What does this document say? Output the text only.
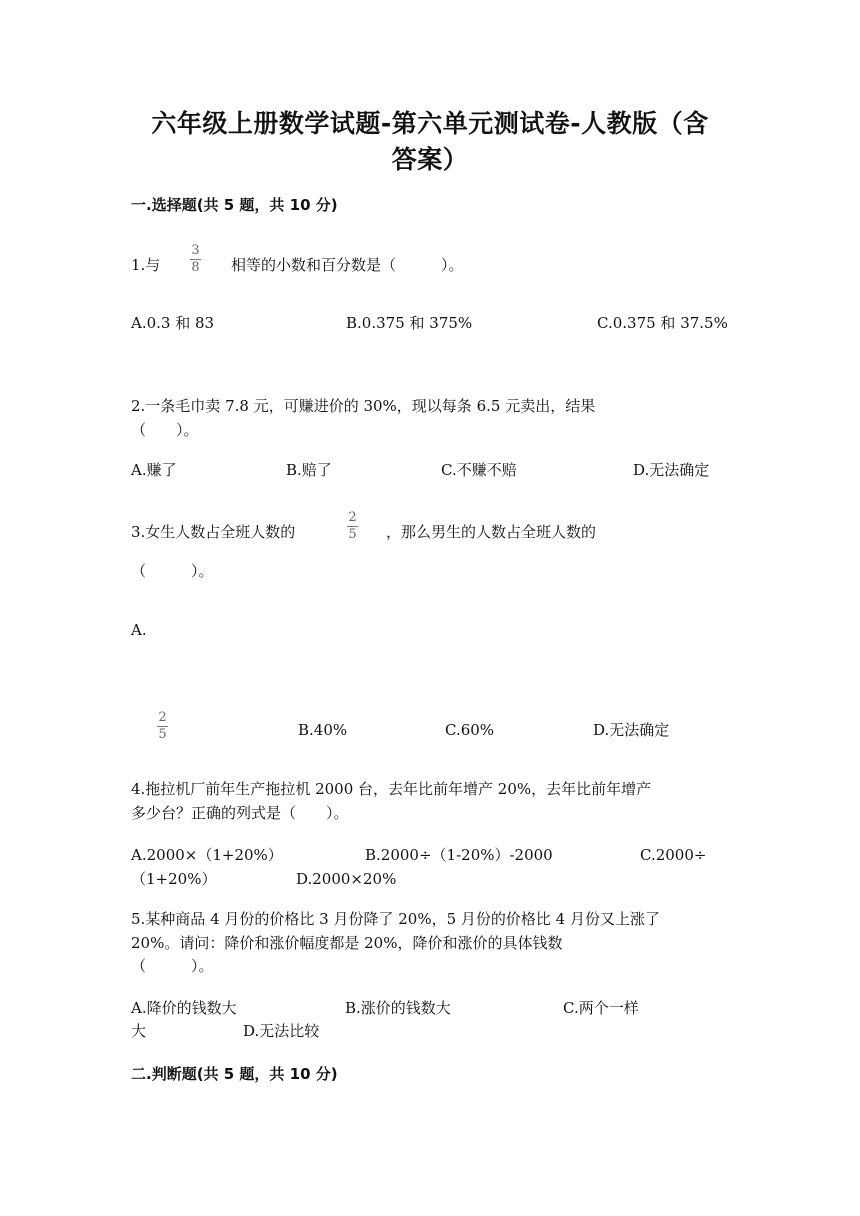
六年级上册数学试题-第六单元测试卷-人教版（含
答案）
一.选择题(共 5 题，共 10 分)
1.与
3
8 相等的小数和百分数是（　　　）。
A.0.3 和 83	B.0.375 和 375%	C.0.375 和 37.5%
2.一条毛巾卖 7.8 元，可赚进价的 30%，现以每条 6.5 元卖出，结果
（　　）。
A.赚了	B.赔了	C.不赚不赔	D.无法确定
3.女生人数占全班人数的
2
5 ，那么男生的人数占全班人数的
（　　　）。
A.
2
5	B.40%	C.60%	D.无法确定
4.拖拉机厂前年生产拖拉机 2000 台，去年比前年增产 20%，去年比前年增产
多少台？正确的列式是（　　）。
A.2000×（1+20%）	B.2000÷（1-20%）-2000	C.2000÷
（1+20%）	D.2000×20%
5.某种商品 4 月份的价格比 3 月份降了 20%，5 月份的价格比 4 月份又上涨了
20%。请问：降价和涨价幅度都是 20%，降价和涨价的具体钱数
（　　　）。
A.降价的钱数大	B.涨价的钱数大	C.两个一样
大	D.无法比较
二.判断题(共 5 题，共 10 分)
